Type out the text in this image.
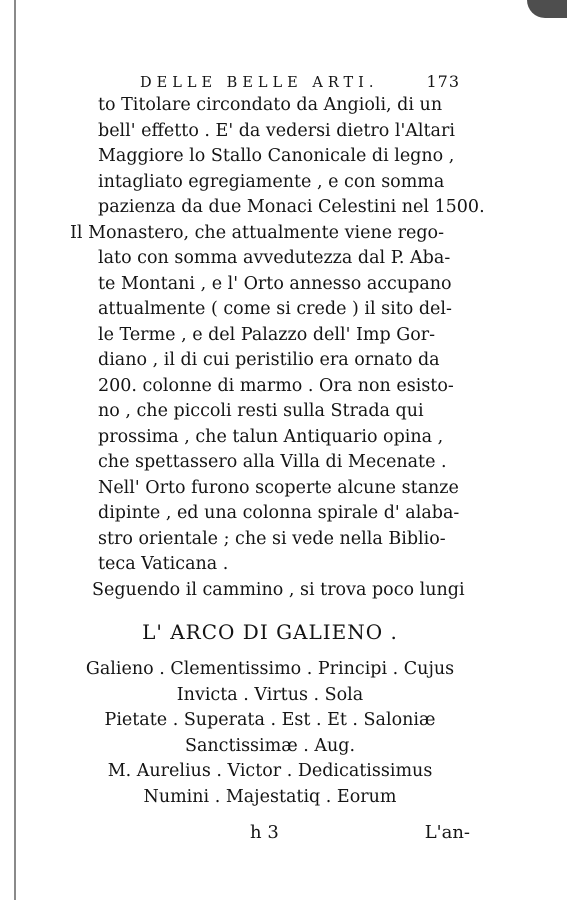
DELLE BELLE ARTI.	173
to Titolare circondato da Angioli, di un
bell' effetto . E' da vedersi dietro l'Altari
Maggiore lo Stallo Canonicale di legno ,
intagliato egregiamente , e con somma
pazienza da due Monaci Celestini nel 1500.
Il Monastero, che attualmente viene rego-
lato con somma avvedutezza dal P. Aba-
te Montani , e l' Orto annesso accupano
attualmente ( come si crede ) il sito del-
le Terme , e del Palazzo dell' Imp Gor-
diano , il di cui peristilio era ornato da
200. colonne di marmo . Ora non esisto-
no , che piccoli resti sulla Strada qui
prossima , che talun Antiquario opina ,
che spettassero alla Villa di Mecenate .
Nell' Orto furono scoperte alcune stanze
dipinte , ed una colonna spirale d' alaba-
stro orientale ; che si vede nella Biblio-
teca Vaticana .
Seguendo il cammino , si trova poco lungi
L' ARCO DI GALIENO .
Galieno . Clementissimo . Principi . Cujus
Invicta . Virtus . Sola
Pietate . Superata . Est . Et . Saloniæ
Sanctissimæ . Aug.
M. Aurelius . Victor . Dedicatissimus
Numini . Majestatiq . Eorum
h 3	L'an-
